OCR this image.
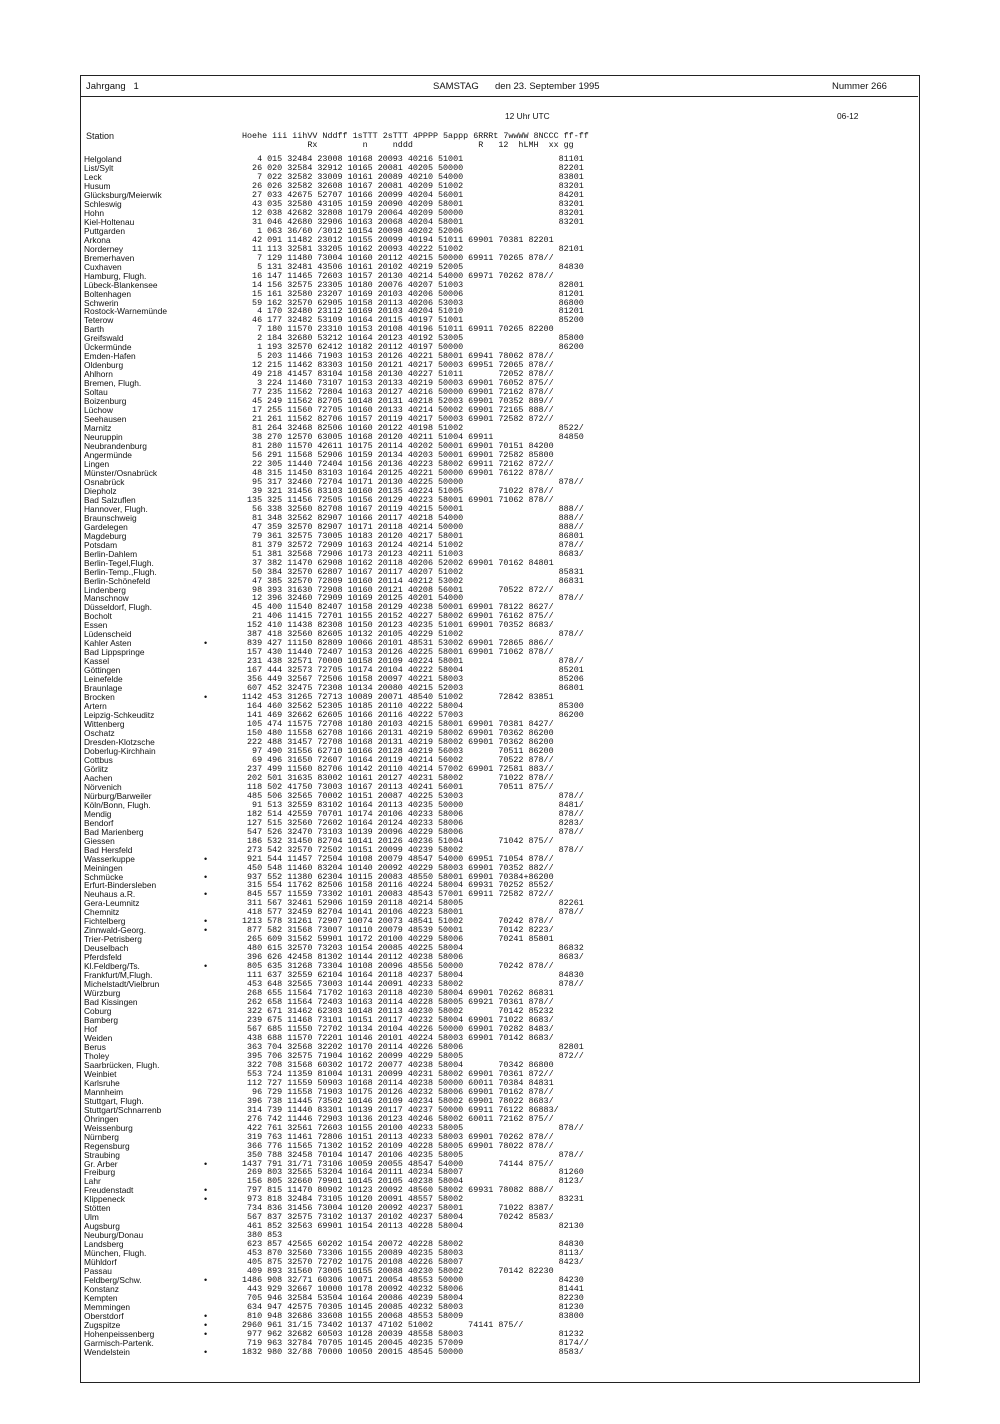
Jahrgang   1	SAMSTAG den 23. September 1995	Nummer 266
12 Uhr UTC	06-12
Station	Hoehe iii iihVV Nddff 1sTTT 2sTTT 4PPPP 5appp 6RRRt 7wwWW 8NCCC ff-ff
Rx         n     nddd             R   12  hLMH  xx gg
Helgoland	4 015 32484 23008 10168 20093 40216 51001                   81101
List/Sylt	26 020 32584 32912 10165 20081 40205 50000                   82201
Leck	7 022 32582 33009 10161 20089 40210 54000                   83801
Husum	26 026 32582 32608 10167 20081 40209 51002                   83201
Glücksburg/Meierwik	27 033 42675 52707 10166 20099 40204 56001                   84201
Schleswig	43 035 32580 43105 10159 20090 40209 58001                   83201
Hohn	12 038 42682 32808 10179 20064 40209 50000                   83201
Kiel-Holtenau	31 046 42680 32906 10163 20068 40204 58001                   83201
Puttgarden	1 063 36/60 /3012 10154 20098 40202 52006
Arkona	42 091 11482 23012 10155 20099 40194 51011 69901 70381 82201
Norderney	11 113 32581 33205 10162 20093 40222 51002                   82101
Bremerhaven	7 129 11480 73004 10160 20112 40215 50000 69911 70265 878//
Cuxhaven	5 131 32481 43506 10161 20102 40219 52005                   84830
Hamburg, Flugh.	16 147 11465 72603 10157 20130 40214 54000 69971 70262 878//
Lübeck-Blankensee	14 156 32575 23305 10180 20076 40207 51003                   82801
Boltenhagen	15 161 32580 23207 10169 20103 40206 50006                   81201
Schwerin	59 162 32570 62905 10158 20113 40206 53003                   86800
Rostock-Warnemünde	4 170 32480 23112 10169 20103 40204 51010                   81201
Teterow	46 177 32482 53109 10164 20115 40197 51001                   85200
Barth	7 180 11570 23310 10153 20108 40196 51011 69911 70265 82200
Greifswald	2 184 32680 53212 10164 20123 40192 53005                   85800
Ückermünde	1 193 32570 62412 10182 20112 40197 50000                   86200
Emden-Hafen	5 203 11466 71903 10153 20126 40221 58001 69941 78062 878//
Oldenburg	12 215 11462 83303 10150 20121 40217 50003 69951 72065 878//
Ahlhorn	49 218 41457 83104 10158 20130 40227 51011       72052 878//
Bremen, Flugh.	3 224 11460 73107 10153 20133 40219 50003 69901 76052 875//
Soltau	77 235 11562 72804 10163 20127 40216 50000 69901 72162 878//
Boizenburg	45 249 11562 82705 10148 20131 40218 52003 69901 70352 889//
Lüchow	17 255 11560 72705 10160 20133 40214 50002 69901 72165 888//
Seehausen	21 261 11562 82706 10157 20119 40217 50003 69901 72582 872//
Marnitz	81 264 32468 82506 10160 20122 40198 51002                   8522/
Neuruppin	38 270 12570 63005 10168 20120 40211 51004 69911             84850
Neubrandenburg	81 280 11570 42611 10175 20114 40202 50001 69901 70151 84200
Angermünde	56 291 11568 52906 10159 20134 40203 50001 69901 72582 85800
Lingen	22 305 11440 72404 10156 20136 40223 58002 69911 72162 872//
Münster/Osnabrück	48 315 11450 83103 10164 20125 40221 50000 69901 76122 878//
Osnabrück	95 317 32460 72704 10171 20130 40225 50000                   878//
Diepholz	39 321 31456 83103 10160 20135 40224 51005       71022 878//
Bad Salzuflen	135 325 11456 72505 10156 20129 40223 58001 69901 71062 878//
Hannover, Flugh.	56 338 32560 82708 10167 20119 40215 50001                   888//
Braunschweig	81 348 32562 82907 10166 20117 40218 54000                   888//
Gardelegen	47 359 32570 82907 10171 20118 40214 50000                   888//
Magdeburg	79 361 32575 73005 10183 20120 40217 58001                   86801
Potsdam	81 379 32572 72909 10163 20124 40214 51002                   878//
Berlin-Dahlem	51 381 32568 72906 10173 20123 40211 51003                   8683/
Berlin-Tegel,Flugh.	37 382 11470 62908 10162 20118 40206 52002 69901 70162 84801
Berlin-Temp.,Flugh.	50 384 32570 62807 10167 20117 40207 51002                   85831
Berlin-Schönefeld	47 385 32570 72809 10160 20114 40212 53002                   86831
Lindenberg	98 393 31630 72908 10160 20121 40208 56001       70522 872//
Manschnow	12 396 32460 72909 10169 20125 40201 54000                   878//
Düsseldorf, Flugh.	45 400 11540 82407 10158 20129 40238 50001 69901 78122 8627/
Bocholt	21 406 11415 72701 10155 20152 40227 58002 69901 76162 875//
Essen	152 410 11438 82308 10150 20123 40235 51001 69901 70352 8683/
Lüdenscheid	387 418 32560 82605 10132 20105 40229 51002                   878//
Kahler Asten	•	839 427 11150 82809 10066 20101 48531 53002 69901 72865 886//
Bad Lippspringe	157 430 11440 72407 10153 20126 40225 58001 69901 71062 878//
Kassel	231 438 32571 70000 10158 20109 40224 58001                   878//
Göttingen	167 444 32573 72705 10174 20104 40222 58004                   85201
Leinefelde	356 449 32567 72506 10158 20097 40221 58003                   85206
Braunlage	607 452 32475 72308 10134 20080 40215 52003                   86801
Brocken	•	1142 453 31265 72713 10089 20071 48540 51002       72842 83851
Artern	164 460 32562 52305 10185 20110 40222 58004                   85300
Leipzig-Schkeuditz	141 469 32662 62605 10166 20116 40222 57003                   86200
Wittenberg	105 474 11575 72708 10180 20103 40215 58001 69901 70381 8427/
Oschatz	150 480 11558 62708 10166 20131 40219 58002 69901 70362 86200
Dresden-Klotzsche	222 488 31457 72708 10168 20131 40219 58002 69901 70362 86200
Doberlug-Kirchhain	97 490 31556 62710 10166 20128 40219 56003       70511 86200
Cottbus	69 496 31650 72607 10164 20119 40214 56002       70522 878//
Görlitz	237 499 11560 82706 10142 20110 40214 57002 69901 72581 883//
Aachen	202 501 31635 83002 10161 20127 40231 58002       71022 878//
Nörvenich	118 502 41750 73003 10167 20113 40241 56001       70511 875//
Nürburg/Barweiler	485 506 32565 70002 10151 20087 40225 53003                   878//
Köln/Bonn, Flugh.	91 513 32559 83102 10164 20113 40235 50000                   8481/
Mendig	182 514 42559 70701 10174 20106 40233 58006                   878//
Bendorf	127 515 32560 72602 10164 20124 40233 58006                   8283/
Bad Marienberg	547 526 32470 73103 10139 20096 40229 58006                   878//
Giessen	186 532 31450 82704 10141 20126 40236 51004       71042 875//
Bad Hersfeld	273 542 32570 72502 10151 20099 40239 58002                   878//
Wasserkuppe	•	921 544 11457 72504 10108 20079 48547 54000 69951 71054 878//
Meiningen	450 548 11460 83204 10140 20092 40229 58003 69901 70352 882//
Schmücke	•	937 552 11380 62304 10115 20083 48550 58001 69901 70384+86200
Erfurt-Bindersleben	315 554 11762 82506 10158 20116 40224 58004 69931 70252 8552/
Neuhaus a.R.	•	845 557 11559 73302 10101 20083 48543 57001 69911 72582 872//
Gera-Leumnitz	311 567 32461 52906 10159 20118 40214 58005                   82261
Chemnitz	418 577 32459 82704 10141 20106 40223 58001                   878//
Fichtelberg	•	1213 578 31261 72907 10074 20073 48541 51002       70242 878//
Zinnwald-Georg.	•	877 582 31568 73007 10110 20079 48539 50001       70142 8223/
Trier-Petrisberg	265 609 31562 59901 10172 20100 40229 58006       70241 85801
Deuselbach	480 615 32570 73203 10154 20085 40225 58004                   86832
Pferdsfeld	396 626 42458 81302 10144 20112 40238 58006                   8683/
Kl.Feldberg/Ts.	•	805 635 31268 73304 10108 20096 48556 50000       70242 878//
Frankfurt/M,Flugh.	111 637 32559 62104 10164 20118 40237 58004                   84830
Michelstadt/Vielbrun	453 648 32565 73003 10144 20091 40233 58002                   878//
Würzburg	268 655 11564 71702 10163 20118 40230 58004 69901 70262 86831
Bad Kissingen	262 658 11564 72403 10163 20114 40228 58005 69921 70361 878//
Coburg	322 671 31462 62303 10148 20113 40230 58002       70142 85232
Bamberg	239 675 11468 73101 10151 20117 40232 58004 69901 71022 8683/
Hof	567 685 11550 72702 10134 20104 40226 50000 69901 70282 8483/
Weiden	438 688 11570 72201 10146 20101 40224 58003 69901 70142 8683/
Berus	363 704 32568 32202 10170 20114 40226 58006                   82801
Tholey	395 706 32575 71904 10162 20099 40229 58005                   872//
Saarbrücken, Flugh.	322 708 31568 60302 10172 20077 40238 58004       70342 86800
Weinbiet	553 724 11359 81004 10131 20099 40231 58002 69901 70361 872//
Karlsruhe	112 727 11559 50903 10168 20114 40238 50000 60011 70384 84831
Mannheim	96 729 11558 71903 10175 20126 40232 58006 69901 70162 878//
Stuttgart, Flugh.	396 738 11445 73502 10146 20109 40234 58002 69901 78022 8683/
Stuttgart/Schnarrenb	314 739 11440 83301 10139 20117 40237 50000 69911 76122 86883/
Öhringen	276 742 11446 72903 10136 20123 40246 58002 60011 72162 875//
Weissenburg	422 761 32561 72603 10155 20100 40233 58005                   878//
Nürnberg	319 763 11461 72806 10151 20113 40233 58003 69901 70262 878//
Regensburg	366 776 11565 71302 10152 20109 40228 58005 69901 78022 878//
Straubing	350 788 32458 70104 10147 20106 40235 58005                   878//
Gr. Arber	•	1437 791 31/71 73106 10059 20055 48547 54000       74144 875//
Freiburg	269 803 32565 53204 10164 20111 40234 58007                   81260
Lahr	156 805 32660 79901 10145 20105 40238 58004                   8123/
Freudenstadt	•	797 815 11470 80902 10123 20092 48560 58002 69931 78082 888//
Klippeneck	•	973 818 32484 73105 10120 20091 48557 58002                   83231
Stötten	734 836 31456 73004 10120 20092 40237 58001       71022 8387/
Ulm	567 837 32575 73102 10137 20102 40237 58004       70242 8583/
Augsburg	461 852 32563 69901 10154 20113 40228 58004                   82130
Neuburg/Donau	380 853
Landsberg	623 857 42565 60202 10154 20072 40228 58002                   84830
München, Flugh.	453 870 32560 73306 10155 20089 40235 58003                   8113/
Mühldorf	405 875 32570 72702 10175 20108 40226 58007                   8423/
Passau	409 893 31560 73005 10155 20088 40230 58002       70142 82230
Feldberg/Schw.	•	1486 908 32/71 60306 10071 20054 48553 50000                   84230
Konstanz	443 929 32667 10000 10178 20092 40232 58006                   81441
Kempten	705 946 32584 53504 10164 20086 40239 58004                   82230
Memmingen	634 947 42575 70305 10145 20085 40232 58003                   81230
Oberstdorf	•	810 948 32686 33608 10155 20068 48553 58009                   83800
Zugspitze	•	2960 961 31/15 73402 10137 47102 51002       74141 875//
Hohenpeissenberg	•	977 962 32682 60503 10128 20039 48558 58003                   81232
Garmisch-Partenk.	719 963 32784 70705 10145 20045 40235 57009                   8174//
Wendelstein	•	1832 980 32/88 70000 10050 20015 48545 50000                   8583/
